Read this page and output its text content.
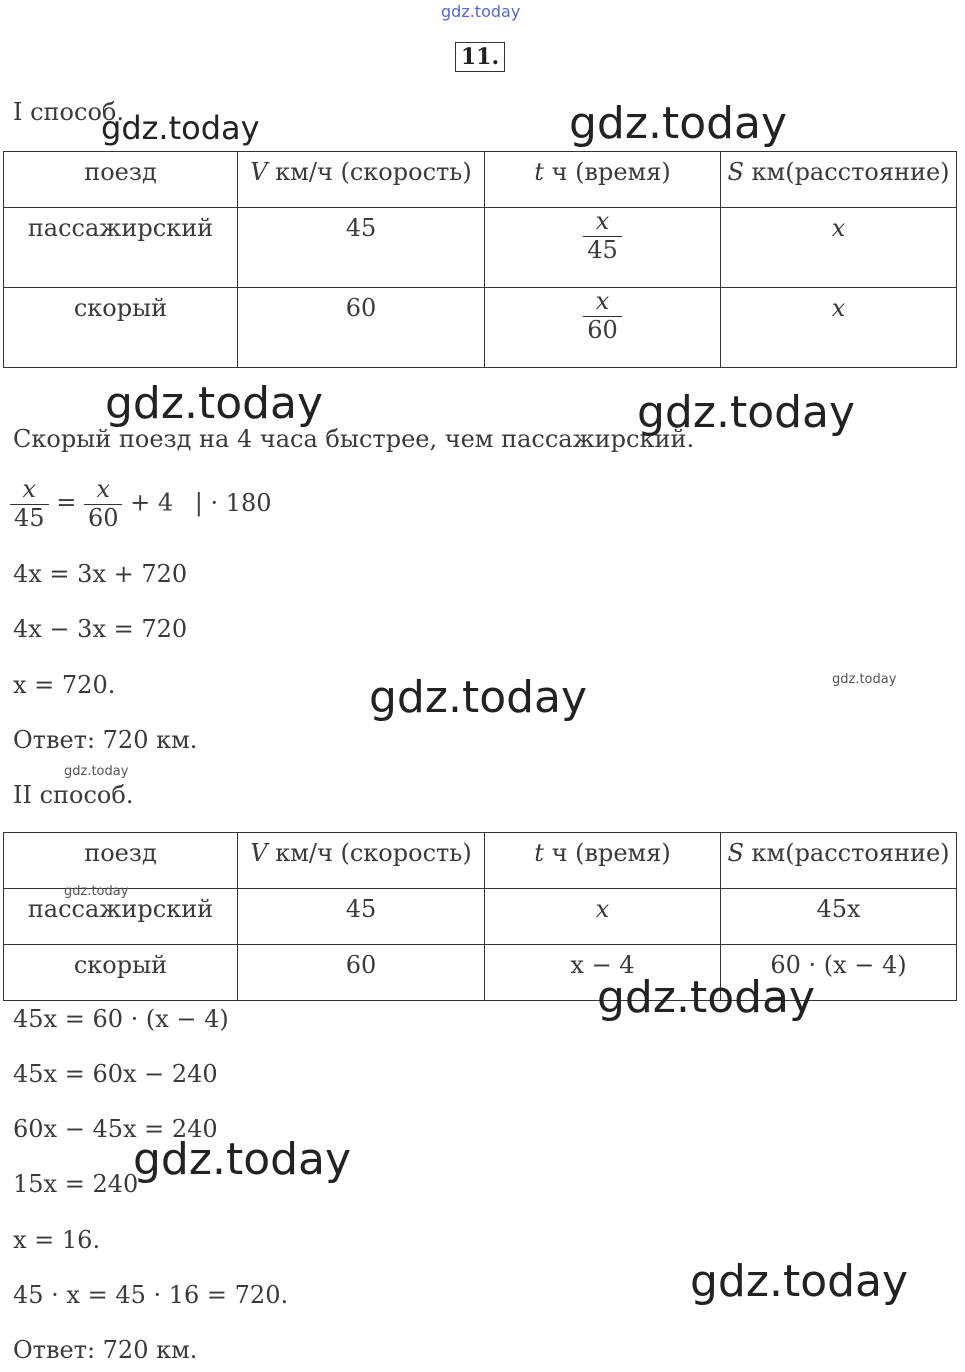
gdz.today
11.
I способ.
поезд	V км/ч (скорость)	t ч (время)	S км(расстояние)

пассажирский	45	$\frac{x}{45}$	x

скорый	60	$\frac{x}{60}$	x
Скорый поезд на 4 часа быстрее, чем пассажирский.
$\frac{x}{45} = \frac{x}{60} + 4$ | · 180
4x = 3x + 720
4x − 3x = 720
x = 720.
Ответ: 720 км.
II способ.
поезд	V км/ч (скорость)	t ч (время)	S км(расстояние)

пассажирский	45	x	45x

скорый	60	x − 4	60 · (x − 4)
45x = 60 · (x − 4)
45x = 60x − 240
60x − 45x = 240
15x = 240
x = 16.
45 · x = 45 · 16 = 720.
Ответ: 720 км.
gdz.today	gdz.today
gdz.today	gdz.today
gdz.today	gdz.today
gdz.today
gdz.today
gdz.today
gdz.today
gdz.today
